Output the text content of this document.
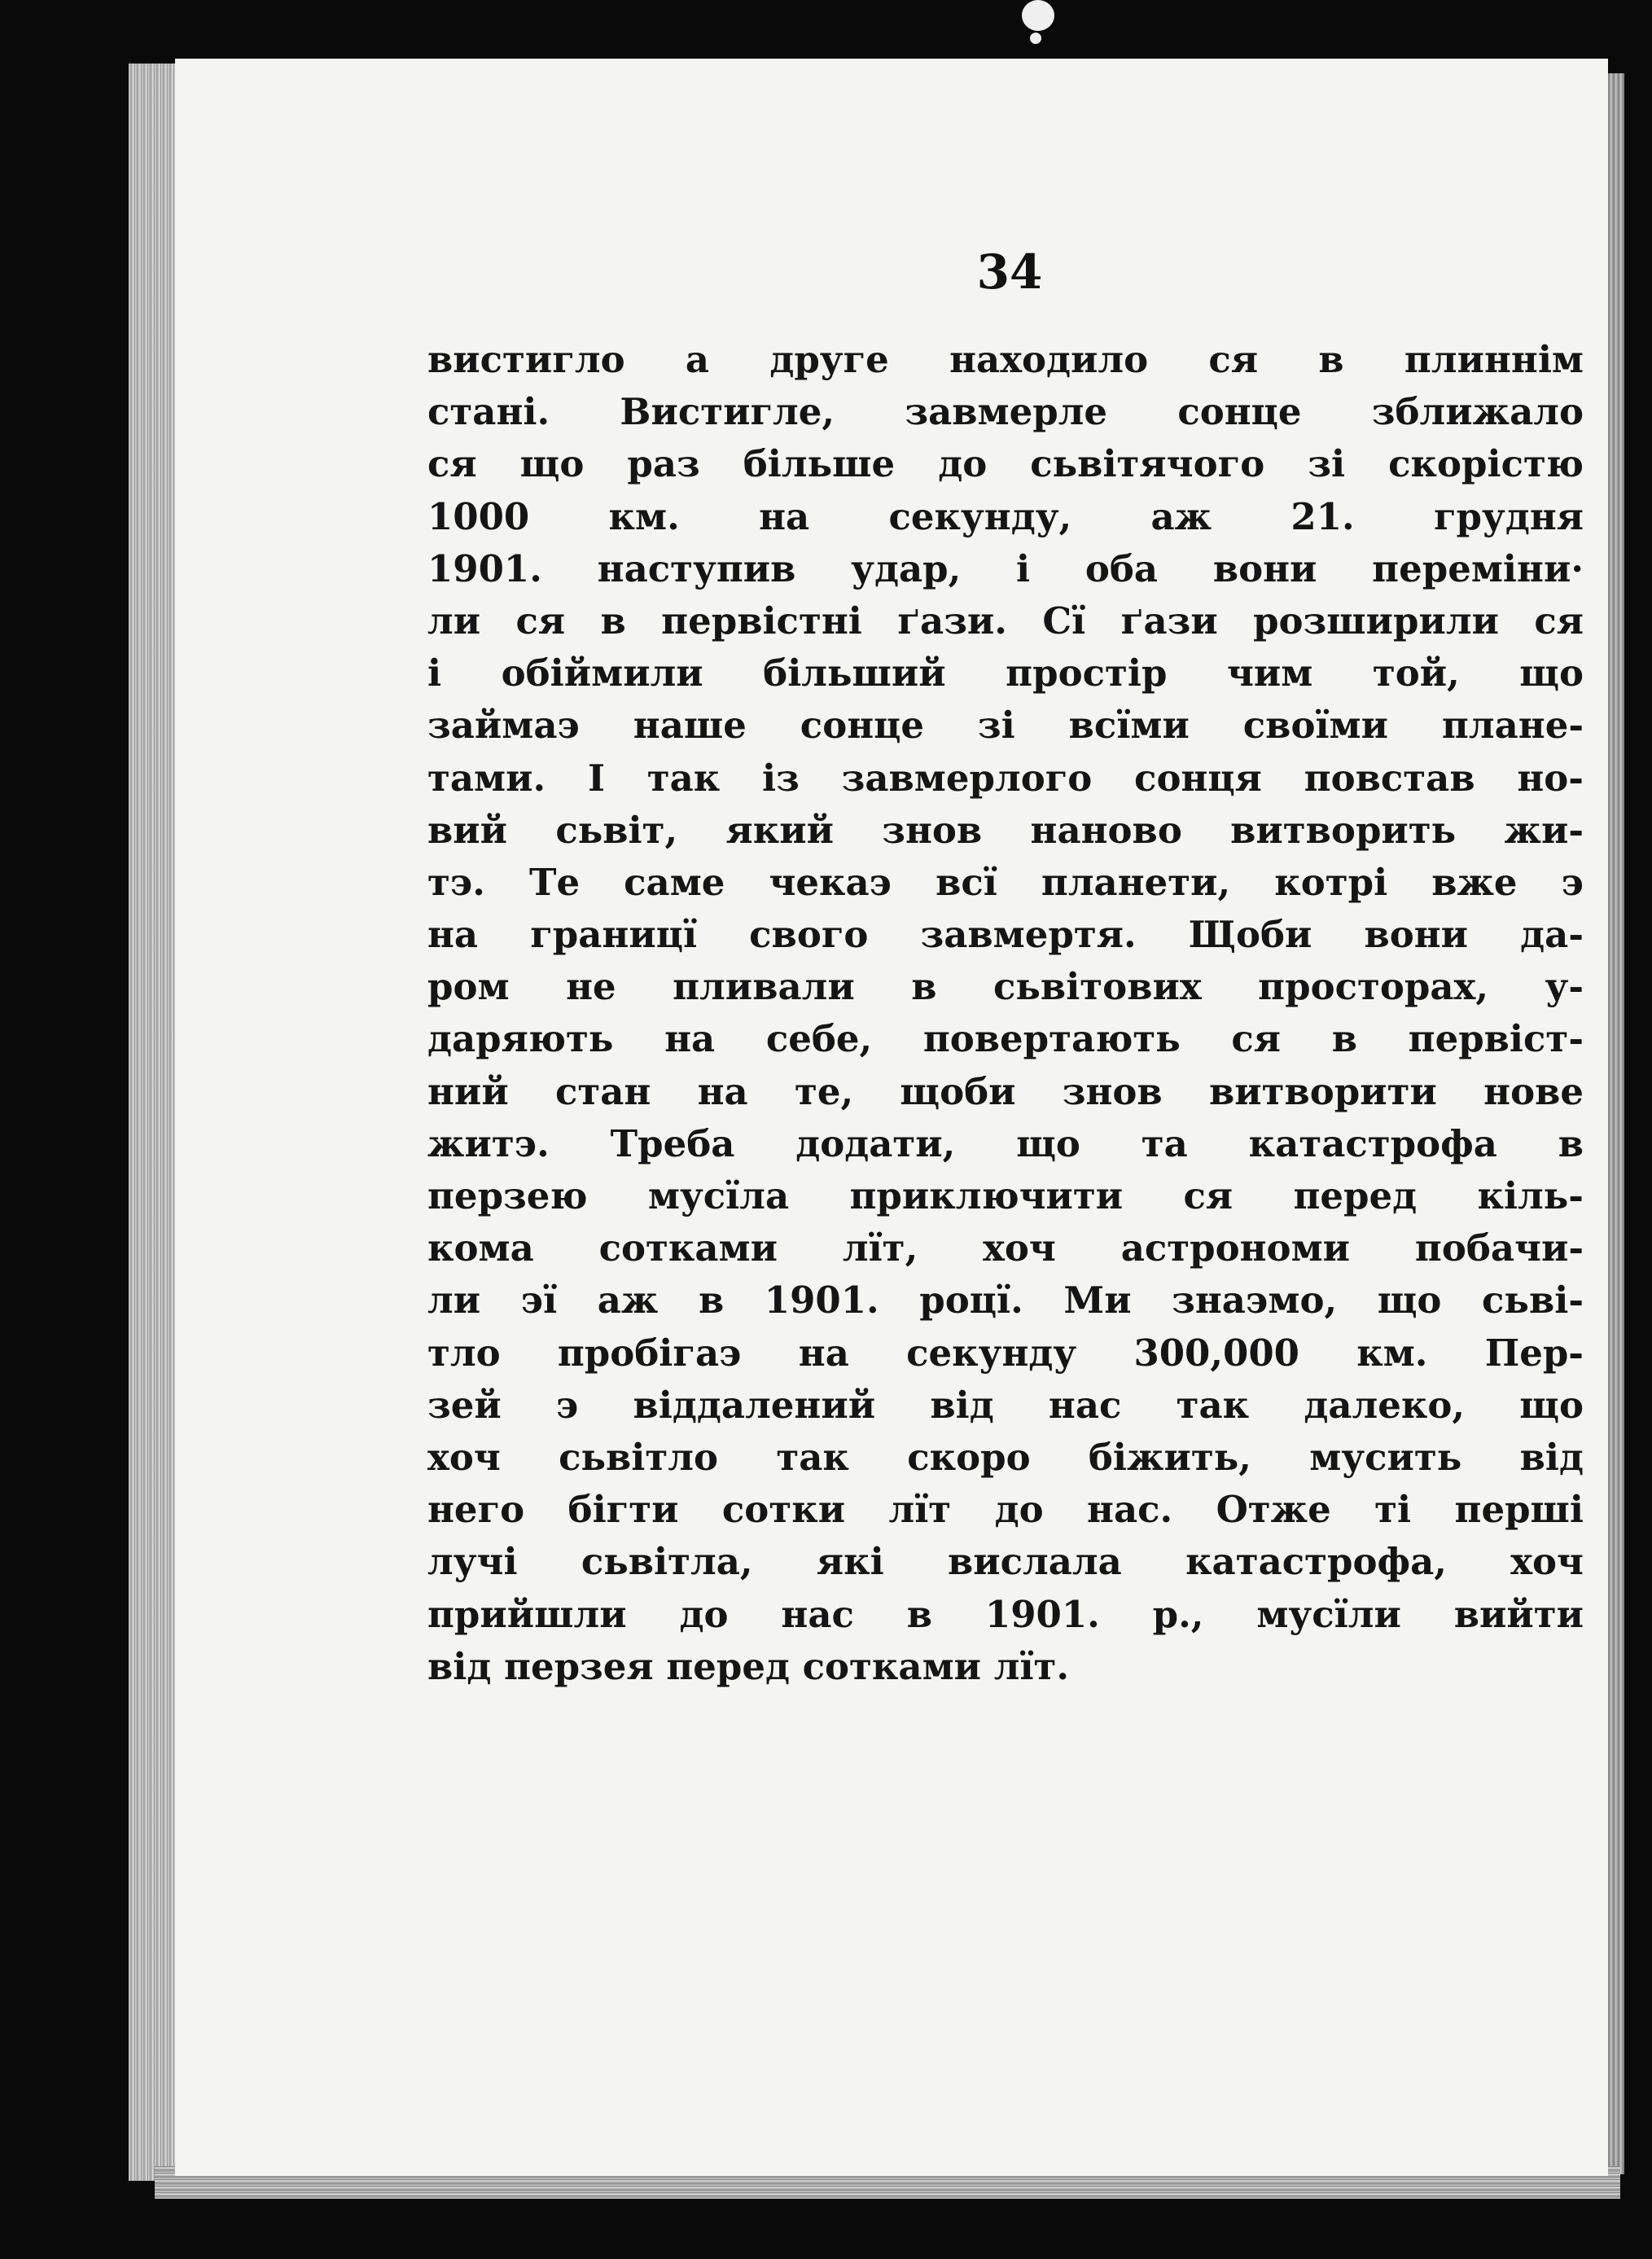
34
вистигло а друге находило ся в плиннім
стані. Вистигле, завмерле сонце зближало
ся що раз більше до сьвітячого зі скорістю
1000 км. на секунду, аж 21. грудня
1901. наступив удар, і оба вони переміни·
ли ся в первістні ґази. Сї ґази розширили ся
і обіймили більший простір чим той, що
займаэ наше сонце зі всїми своїми плане-
тами. І так із завмерлого сонця повстав но-
вий сьвіт, який знов наново витворить жи-
тэ. Те саме чекаэ всї планети, котрі вже э
на границї свого завмертя. Щоби вони да-
ром не пливали в сьвітових просторах, у-
даряють на себе, повертають ся в первіст-
ний стан на те, щоби знов витворити нове
житэ. Треба додати, що та катастрофа в
перзею мусїла приключити ся перед кіль-
кома сотками лїт, хоч астрономи побачи-
ли эї аж в 1901. роцї. Ми знаэмо, що сьві-
тло пробігаэ на секунду 300,000 км. Пер-
зей э віддалений від нас так далеко, що
хоч сьвітло так скоро біжить, мусить від
него бігти сотки лїт до нас. Отже ті перші
лучі сьвітла, які вислала катастрофа, хоч
прийшли до нас в 1901. р., мусїли вийти
від перзея перед сотками лїт.
